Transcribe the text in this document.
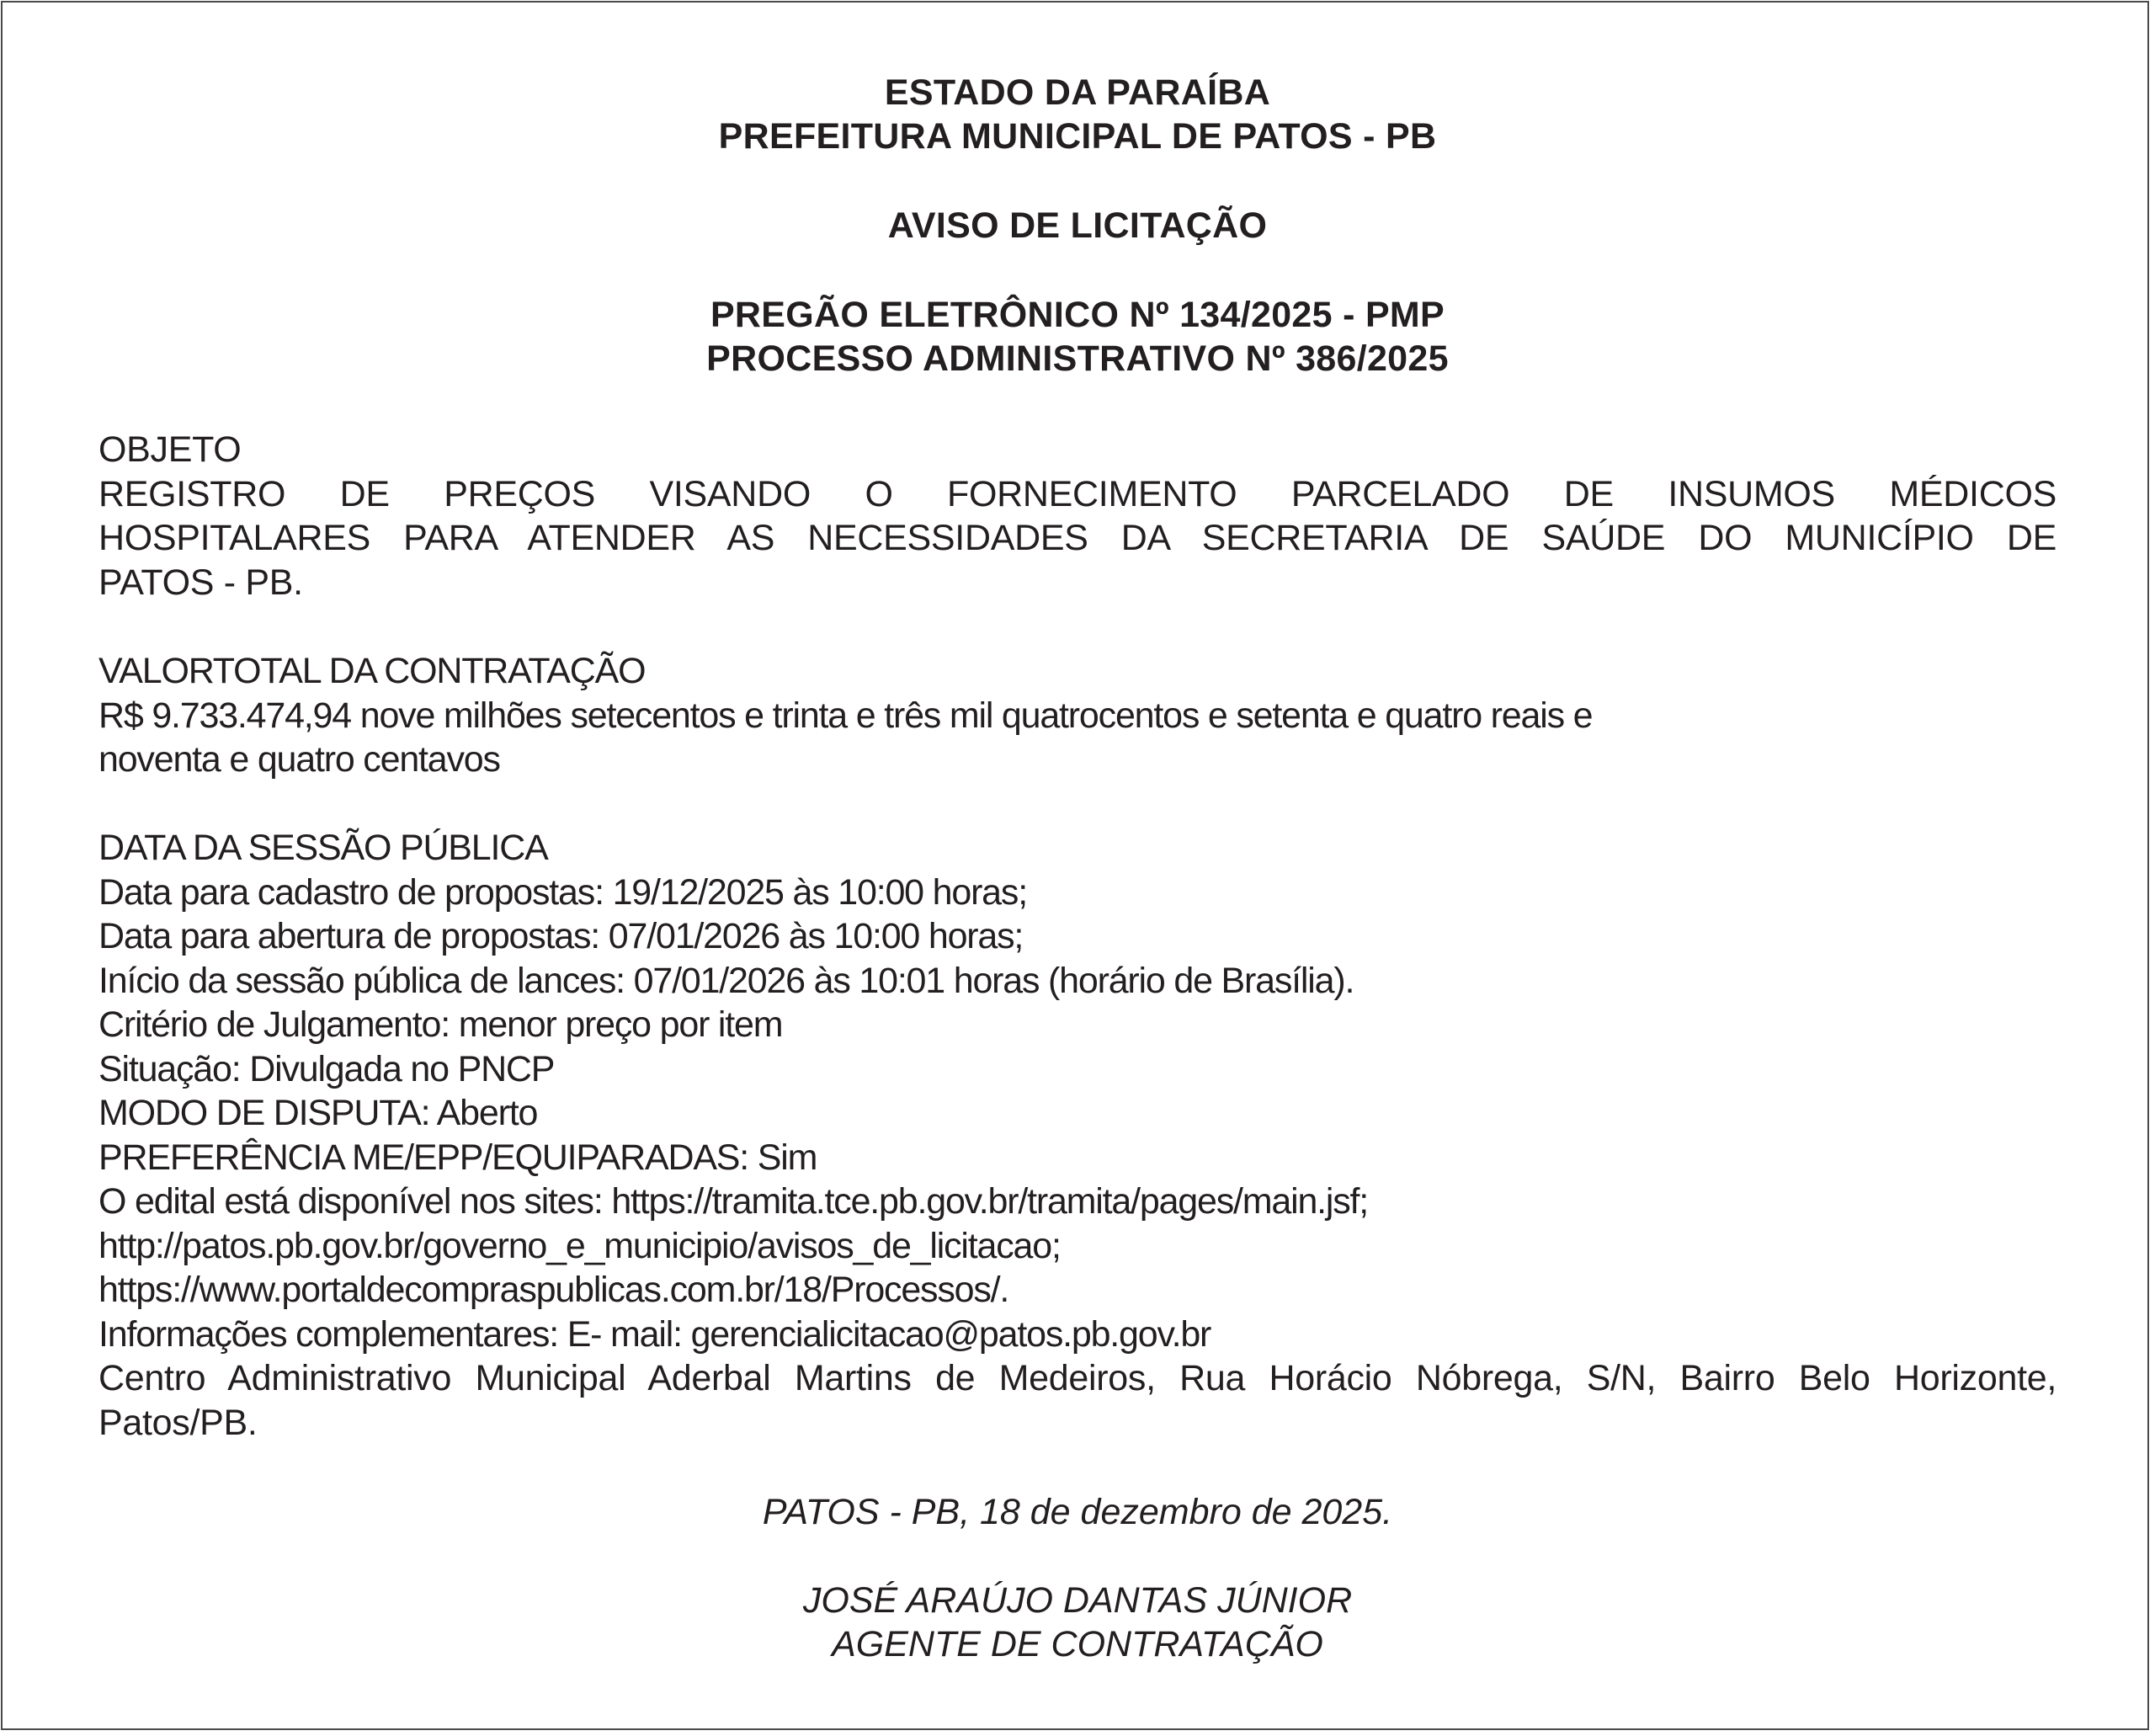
ESTADO DA PARAÍBA
PREFEITURA MUNICIPAL DE PATOS - PB
AVISO DE LICITAÇÃO
PREGÃO ELETRÔNICO Nº 134/2025 - PMP
PROCESSO ADMINISTRATIVO Nº 386/2025

OBJETO

REGISTRO DE PREÇOS VISANDO O FORNECIMENTO PARCELADO DE INSUMOS MÉDICOS

HOSPITALARES PARA ATENDER AS NECESSIDADES DA SECRETARIA DE SAÚDE DO MUNICÍPIO DE

PATOS - PB.

VALORTOTAL DA CONTRATAÇÃO

R$ 9.733.474,94 nove milhões setecentos e trinta e três mil quatrocentos e setenta e quatro reais e

noventa e quatro centavos

DATA DA SESSÃO PÚBLICA

Data para cadastro de propostas: 19/12/2025 às 10:00 horas;

Data para abertura de propostas: 07/01/2026 às 10:00 horas;

Início da sessão pública de lances: 07/01/2026 às 10:01 horas (horário de Brasília).

Critério de Julgamento: menor preço por item

Situação: Divulgada no PNCP

MODO DE DISPUTA: Aberto

PREFERÊNCIA ME/EPP/EQUIPARADAS: Sim

O edital está disponível nos sites: https://tramita.tce.pb.gov.br/tramita/pages/main.jsf;

http://patos.pb.gov.br/governo_e_municipio/avisos_de_licitacao;

https://www.portaldecompraspublicas.com.br/18/Processos/.

Informações complementares: E- mail: gerencialicitacao@patos.pb.gov.br

Centro Administrativo Municipal Aderbal Martins de Medeiros, Rua Horácio Nóbrega, S/N, Bairro Belo Horizonte,

Patos/PB.

PATOS - PB, 18 de dezembro de 2025.
JOSÉ ARAÚJO DANTAS JÚNIOR
AGENTE DE CONTRATAÇÃO
